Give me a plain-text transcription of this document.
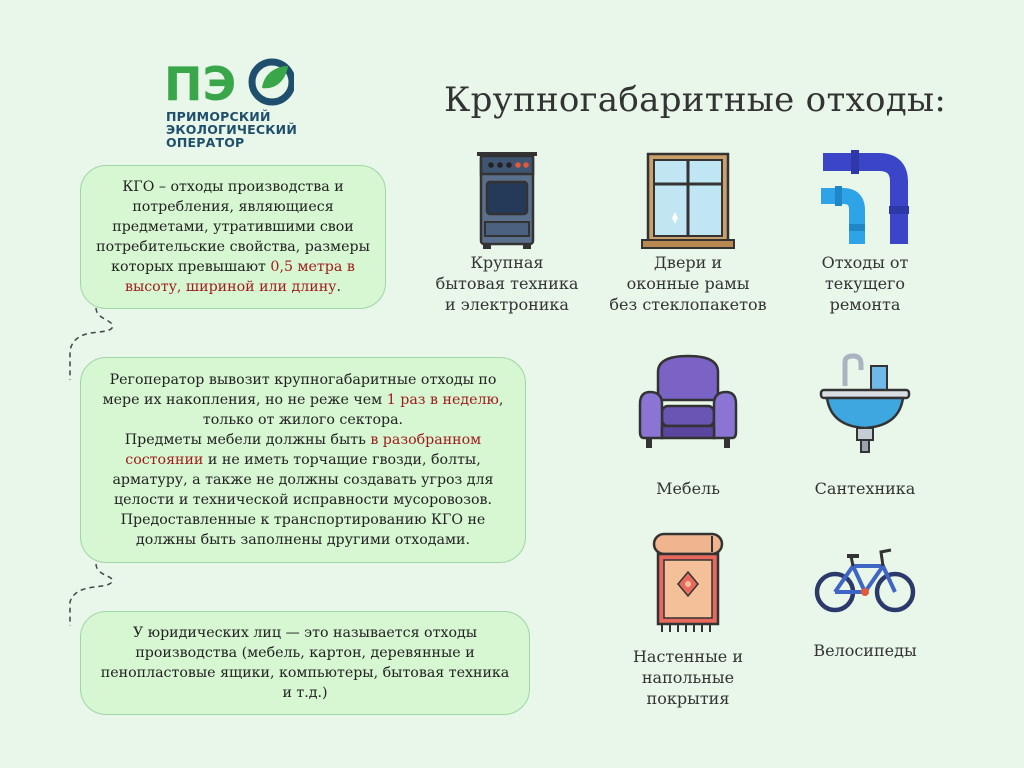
ПЭ
ПРИМОРСКИЙ
ЭКОЛОГИЧЕСКИЙ
ОПЕРАТОР
Крупногабаритные отходы:

КГО – отходы производства и потребления, являющиеся предметами, утратившими свои потребительские свойства, размеры которых превышают 0,5 метра в высоту, шириной или длину.

Регоператор вывозит крупногабаритные отходы по мере их накопления, но не реже чем 1 раз в неделю, только от жилого сектора.
Предметы мебели должны быть в разобранном состоянии и не иметь торчащие гвозди, болты, арматуру, а также не должны создавать угроз для целости и технической исправности мусоровозов. Предоставленные к транспортированию КГО не должны быть заполнены другими отходами.

У юридических лиц — это называется отходы производства (мебель, картон, деревянные и пенопластовые ящики, компьютеры, бытовая техника и т.д.)

Крупная
бытовая техника
и электроника
Двери и
оконные рамы
без стеклопакетов
Отходы от
текущего
ремонта
Мебель	Сантехника
Настенные и
напольные покрытия
Велосипеды
